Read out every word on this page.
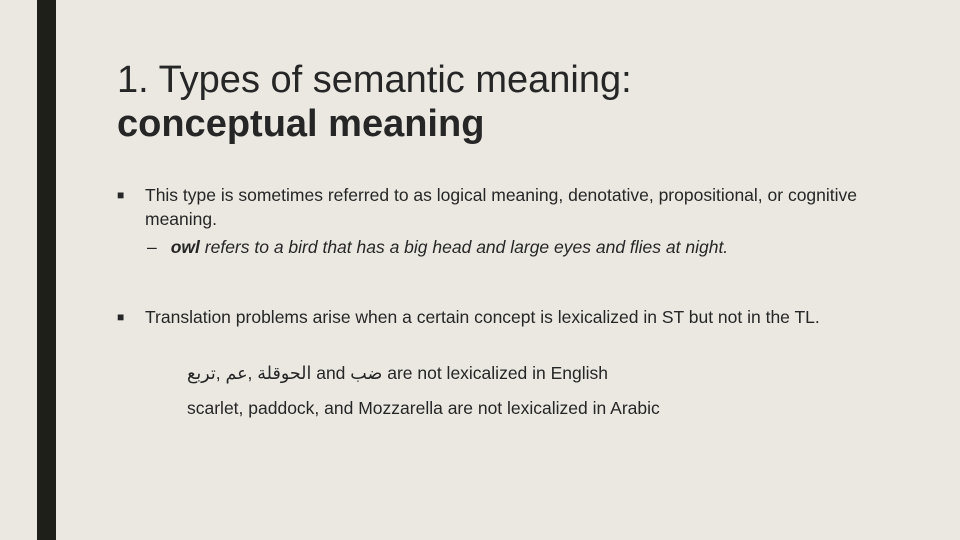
1. Types of semantic meaning:
conceptual meaning
■ This type is sometimes referred to as logical meaning, denotative, propositional, or cognitive meaning.
– owl refers to a bird that has a big head and large eyes and flies at night.
■ Translation problems arise when a certain concept is lexicalized in ST but not in the TL.
تربع, عم, الحوقلة and ضب are not lexicalized in English
scarlet, paddock, and Mozzarella are not lexicalized in Arabic
